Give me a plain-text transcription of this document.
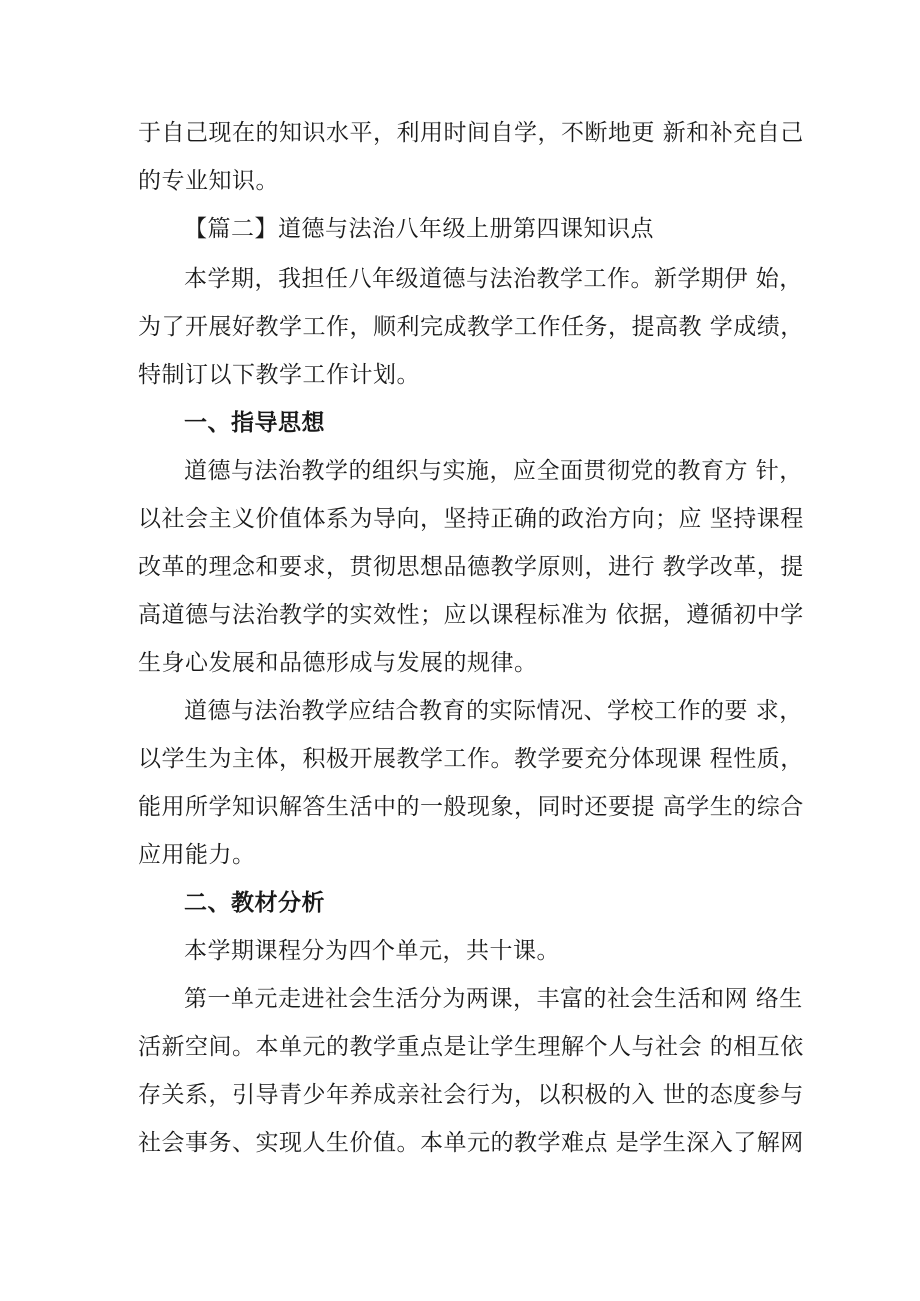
于自己现在的知识水平，利用时间自学，不断地更 新和补充自己
的专业知识。
【篇二】道德与法治八年级上册第四课知识点
本学期，我担任八年级道德与法治教学工作。新学期伊 始，
为了开展好教学工作，顺利完成教学工作任务，提高教 学成绩，
特制订以下教学工作计划。
一、指导思想
道德与法治教学的组织与实施，应全面贯彻党的教育方 针，
以社会主义价值体系为导向，坚持正确的政治方向；应 坚持课程
改革的理念和要求，贯彻思想品德教学原则，进行 教学改革，提
高道德与法治教学的实效性；应以课程标准为 依据，遵循初中学
生身心发展和品德形成与发展的规律。
道德与法治教学应结合教育的实际情况、学校工作的要 求，
以学生为主体，积极开展教学工作。教学要充分体现课 程性质，
能用所学知识解答生活中的一般现象，同时还要提 高学生的综合
应用能力。
二、教材分析
本学期课程分为四个单元，共十课。
第一单元走进社会生活分为两课，丰富的社会生活和网 络生
活新空间。本单元的教学重点是让学生理解个人与社会 的相互依
存关系，引导青少年养成亲社会行为，以积极的入 世的态度参与
社会事务、实现人生价值。本单元的教学难点 是学生深入了解网
